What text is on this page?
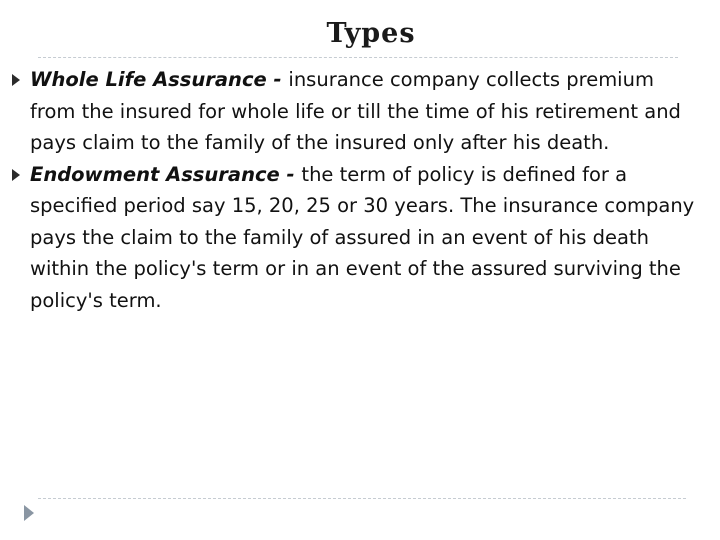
Types
Whole Life Assurance - insurance company collects premium from the insured for whole life or till the time of his retirement and pays claim to the family of the insured only after his death.
Endowment Assurance - the term of policy is defined for a specified period say 15, 20, 25 or 30 years. The insurance company pays the claim to the family of assured in an event of his death within the policy's term or in an event of the assured surviving the policy's term.
